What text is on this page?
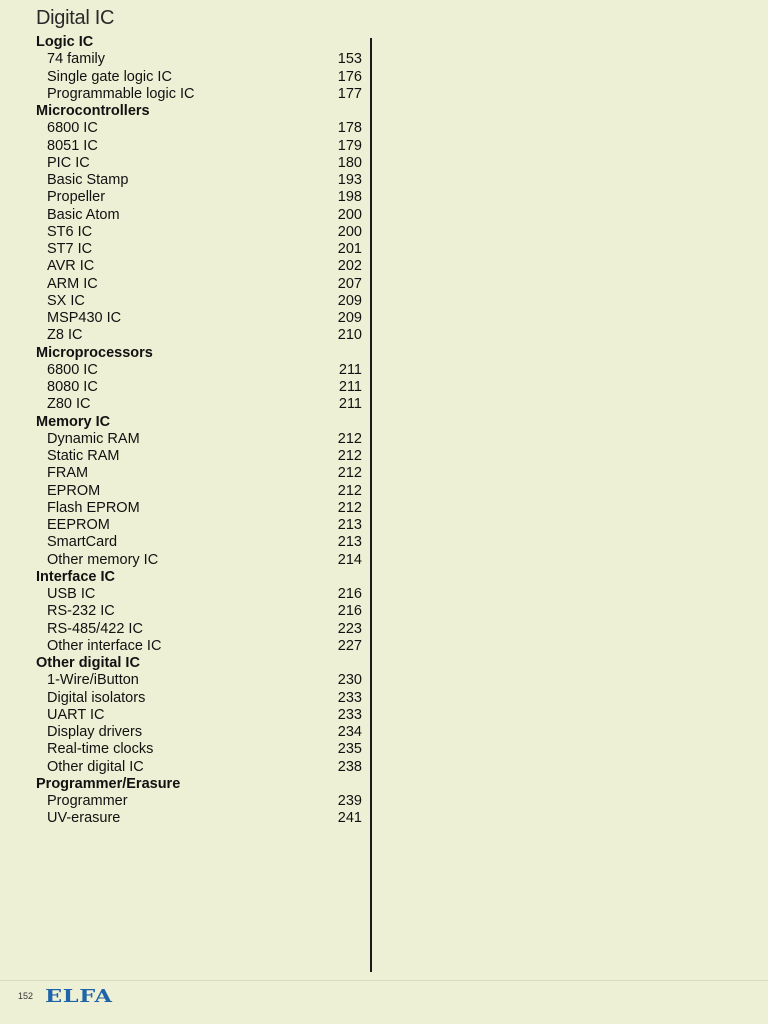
Digital IC
Logic IC
74 family	153
Single gate logic IC	176
Programmable logic IC	177
Microcontrollers
6800 IC	178
8051 IC	179
PIC IC	180
Basic Stamp	193
Propeller	198
Basic Atom	200
ST6 IC	200
ST7 IC	201
AVR IC	202
ARM IC	207
SX IC	209
MSP430 IC	209
Z8 IC	210
Microprocessors
6800 IC	211
8080 IC	211
Z80 IC	211
Memory IC
Dynamic RAM	212
Static RAM	212
FRAM	212
EPROM	212
Flash EPROM	212
EEPROM	213
SmartCard	213
Other memory IC	214
Interface IC
USB IC	216
RS-232 IC	216
RS-485/422 IC	223
Other interface IC	227
Other digital IC
1-Wire/iButton	230
Digital isolators	233
UART IC	233
Display drivers	234
Real-time clocks	235
Other digital IC	238
Programmer/Erasure
Programmer	239
UV-erasure	241
152 ELFA
